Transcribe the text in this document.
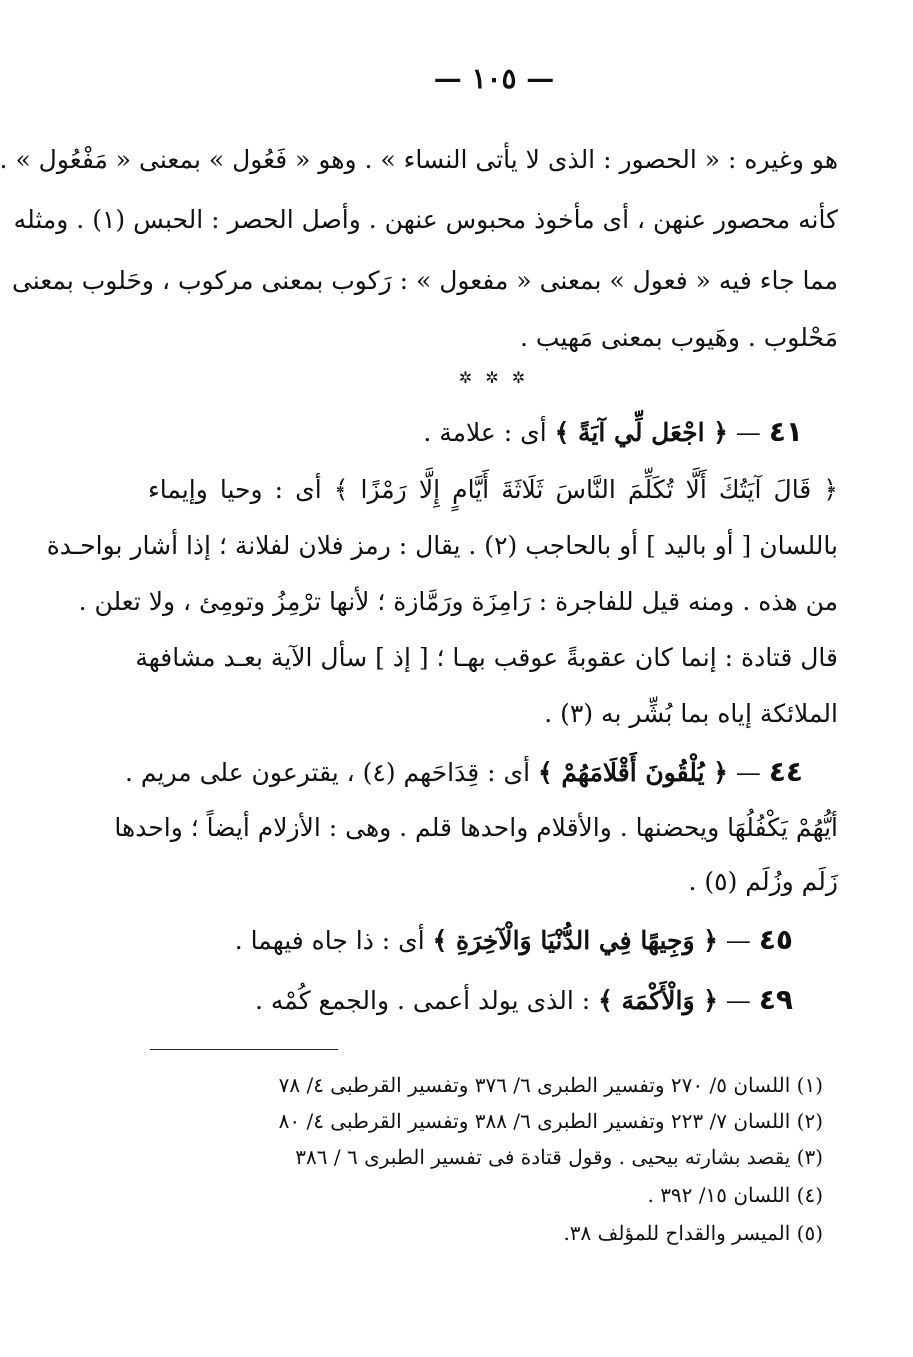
— ١٠٥ —
هو وغيره : « الحصور : الذى لا يأتى النساء » . وهو « فَعُول » بمعنى « مَفْعُول » .
كأنه محصور عنهن ، أى مأخوذ محبوس عنهن . وأصل الحصر : الحبس (١) . ومثله
مما جاء فيه « فعول » بمعنى « مفعول » : رَكوب بمعنى مركوب ، وحَلوب بمعنى
مَحْلوب . وهَيوب بمعنى مَهيب .
✲ ✲ ✲
٤١ — ﴿ اجْعَل لِّي آيَةً ﴾ أى : علامة .
﴿ قَالَ آيَتُكَ أَلَّا تُكَلِّمَ النَّاسَ ثَلَاثَةَ أَيَّامٍ إِلَّا رَمْزًا ﴾ أى : وحيا وإيماء
باللسان [ أو باليد ] أو بالحاجب (٢) . يقال : رمز فلان لفلانة ؛ إذا أشار بواحـدة
من هذه . ومنه قيل للفاجرة : رَامِزَة ورَمَّازة ؛ لأنها ترْمِزُ وتومِئ ، ولا تعلن .
قال قتادة : إنما كان عقوبةً عوقب بهـا ؛ [ إذ ] سأل الآية بعـد مشافهة
الملائكة إياه بما بُشِّر به (٣) .
٤٤ — ﴿ يُلْقُونَ أَقْلَامَهُمْ ﴾ أى : قِدَاحَهم (٤) ، يقترعون على مريم .
أيُّهُمْ يَكْفُلُهَا ويحضنها . والأقلام واحدها قلم . وهى : الأزلام أيضاً ؛ واحدها
زَلَم وزُلَم (٥) .
٤٥ — ﴿ وَجِيهًا فِي الدُّنْيَا وَالْآخِرَةِ ﴾ أى : ذا جاه فيهما .
٤٩ — ﴿ وَالْأَكْمَهَ ﴾ : الذى يولد أعمى . والجمع كُمْه .
(١) اللسان ٥/ ٢٧٠ وتفسير الطبرى ٦/ ٣٧٦ وتفسير القرطبى ٤/ ٧٨
(٢) اللسان ٧/ ٢٢٣ وتفسير الطبرى ٦/ ٣٨٨ وتفسير القرطبى ٤/ ٨٠
(٣) يقصد بشارته بيحيى . وقول قتادة فى تفسير الطبرى ٦ / ٣٨٦
(٤) اللسان ١٥/ ٣٩٢ .
(٥) الميسر والقداح للمؤلف ٣٨.
